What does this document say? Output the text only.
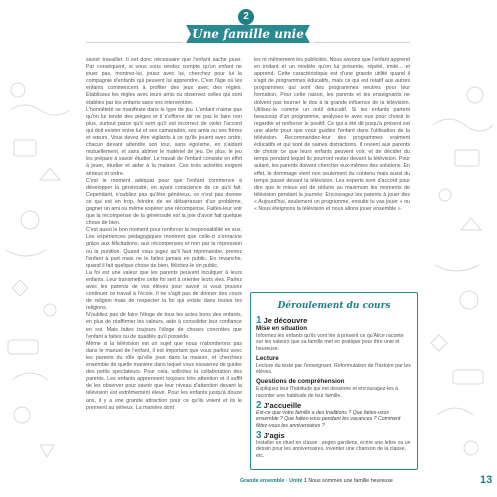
2
Une famille unie

savoir travailler. Il est donc nécessaire que l'enfant sache jouer. Par conséquent, si vous vous rendez compte qu'un enfant ne jouer pas, montrez-lui, jouez avec lui, cherchez pour lui la compagnie d'enfants qui peuvent lui apprendre. C'est l'âge où les enfants commencent à profiter des jeux avec des règles. Établissez les règles avec leurs amis ou observez celles qui sont établies par les enfants sans vos intervention.

L'honnêteté se manifeste dans le type de jeu. L'enfant n'aime pas qu'on lui tende des pièges et il s'efforce de ne pas le faire non plus, surtout parce qu'il sent qu'il est incorrect de violer l'accord qui doit exister entre lui et ses camarades, ses amis ou ses frères et sœurs. Vous devez être vigilants à ce qu'ils jouent avec ordre, chacun devant attendre son tour, sans égoïsme, en s'aidant mutuellement, et sans abîmer le matériel de jeu. De plus, le jeu les prépare à savoir étudier. Le travail de l'enfant consiste en effet à jouer, étudier et aider à la maison. Ces trois activités exigent sérieux et ordre.

C'est le moment adéquat pour que l'enfant commence à développer la générosité, en ayant conscience de ce qu'il fait. Cependant, n'oubliez pas qu'être généreux, ce n'est pas donner ce qui est en trop, feindre de se débarrasser d'un problème, gagner un ami ou même espérer une récompense. Faites-leur voir que la récompense de la générosité est la joie d'avoir fait quelque chose de bien.

C'est aussi le bon moment pour renforcer la responsabilité en eux. Les expériences pédagogiques montrent que celle-ci s'enracine grâce aux félicitations, aux récompenses et non par la répression ou la punition. Quand vous jugez qu'il faut réprimander, prenez l'enfant à part mais ne le faites jamais en public. En revanche, quand il fait quelque chose de bien, félicitez-le en public.

La foi est une valeur que les parents peuvent inculquer à leurs enfants. Leur transmettre cette foi sert à orienter leurs vies. Parlez avec les parents de vos élèves pour savoir si vous pouvez continuer ce travail à l'école. Il ne s'agit pas de donner des cours de religion mais de respecter la foi qui existe dans toutes les religions.

N'oubliez pas de faire l'éloge de tous les actes bons des enfants, en plus de réaffirmer les valeurs, aide à consolider leur confiance en soi. Mais faites toujours l'éloge de choses concrètes que l'enfant a faites ou de qualités qu'il possède.

Même si la télévision est un sujet que nous n'aborderons pas dans le manuel de l'enfant, il est important que vous parliez avec les parents du rôle qu'elle joue dans la maison, et cherchiez ensemble de quelle manière dans lequel vous essaierez de guider des petits spectateurs. Pour cela, sollicitez la collaboration des parents. Les enfants apprennent toujours très attention et il suffit de les observer pour savoir que leur niveau d'attention devant la télévision est extrêmement élevé. Pour les enfants jusqu'à douze ans, il y a une grande attraction pour ce qu'ils voient et ils le prennent au sérieux. La manière dont

les nt mêmement les publicités. Nous savons que l'enfant apprend en imitant et un modèle qu'on lui présente, répété, imité... et apprend. Cette caractéristique est d'une grande utilité quand il s'agit de programmes éducatifs, mais ce qui est relatif aux autres programmes qui sont des programmes neutres pour leur formation. Pour cette raison, les parents et les enseignants ne doivent pas tourner le dos à la grande influence de la télévision. Utilisez-la comme un outil éducatif. Si les enfants partent beaucoup d'un programme, analysez-le avec eux pour choisir le regarder et renforcer le positif. Ce qui a été dit jusqu'à présent est une alerte pour que vous guidiez l'enfant dans l'utilisation de la télévision. Recommandez-leur des programmes vraiment éducatifs et qui sont de saines distractions. Il revient aux parents de choisir ce que leurs enfants peuvent voir, et de décider du temps pendant lequel ils pourront rester devant la télévision. Pour autant, les parents doivent chercher eux-mêmes des solutions. En effet, le dommage vient non seulement du contenu mais aussi du temps passé devant la télévision. Les experts sont d'accord pour dire que le mieux est de réduire au maximum les moments de télévision pendant la journée. Encouragez les parents à jouer des « Aujourd'hui, seulement un programme, ensuite tu vas jouer » ou « Nous éteignons la télévision et nous allons jouer ensemble ».

Déroulement du cours
1 Je découvre
Mise en situation
Informez les enfants qu'ils vont lire à présent ce qu'Alice raconte sur les valeurs que sa famille met en pratique pour être unie et heureuse.
Lecture
Lecture du texte par l'enseignant. Reformulation de l'histoire par les élèves.
Questions de compréhension
Expliquez leur l'habitude qui est dessinée et encouragez-les à raconter une habitude de leur famille.
2 J'accueille
Est-ce que votre famille a des traditions ? Que faites-vous ensemble ? Que faites-vous pendant les vacances ? Comment fêtez-vous les anniversaires ?
3 J'agis
Installer un rituel en classe : anges gardiens, écrire une lettre ou un dessin pour les anniversaires, inventer une chanson de la classe, etc.
Grande ensemble · Unité 1 Nous sommes une famille heureuse	13
